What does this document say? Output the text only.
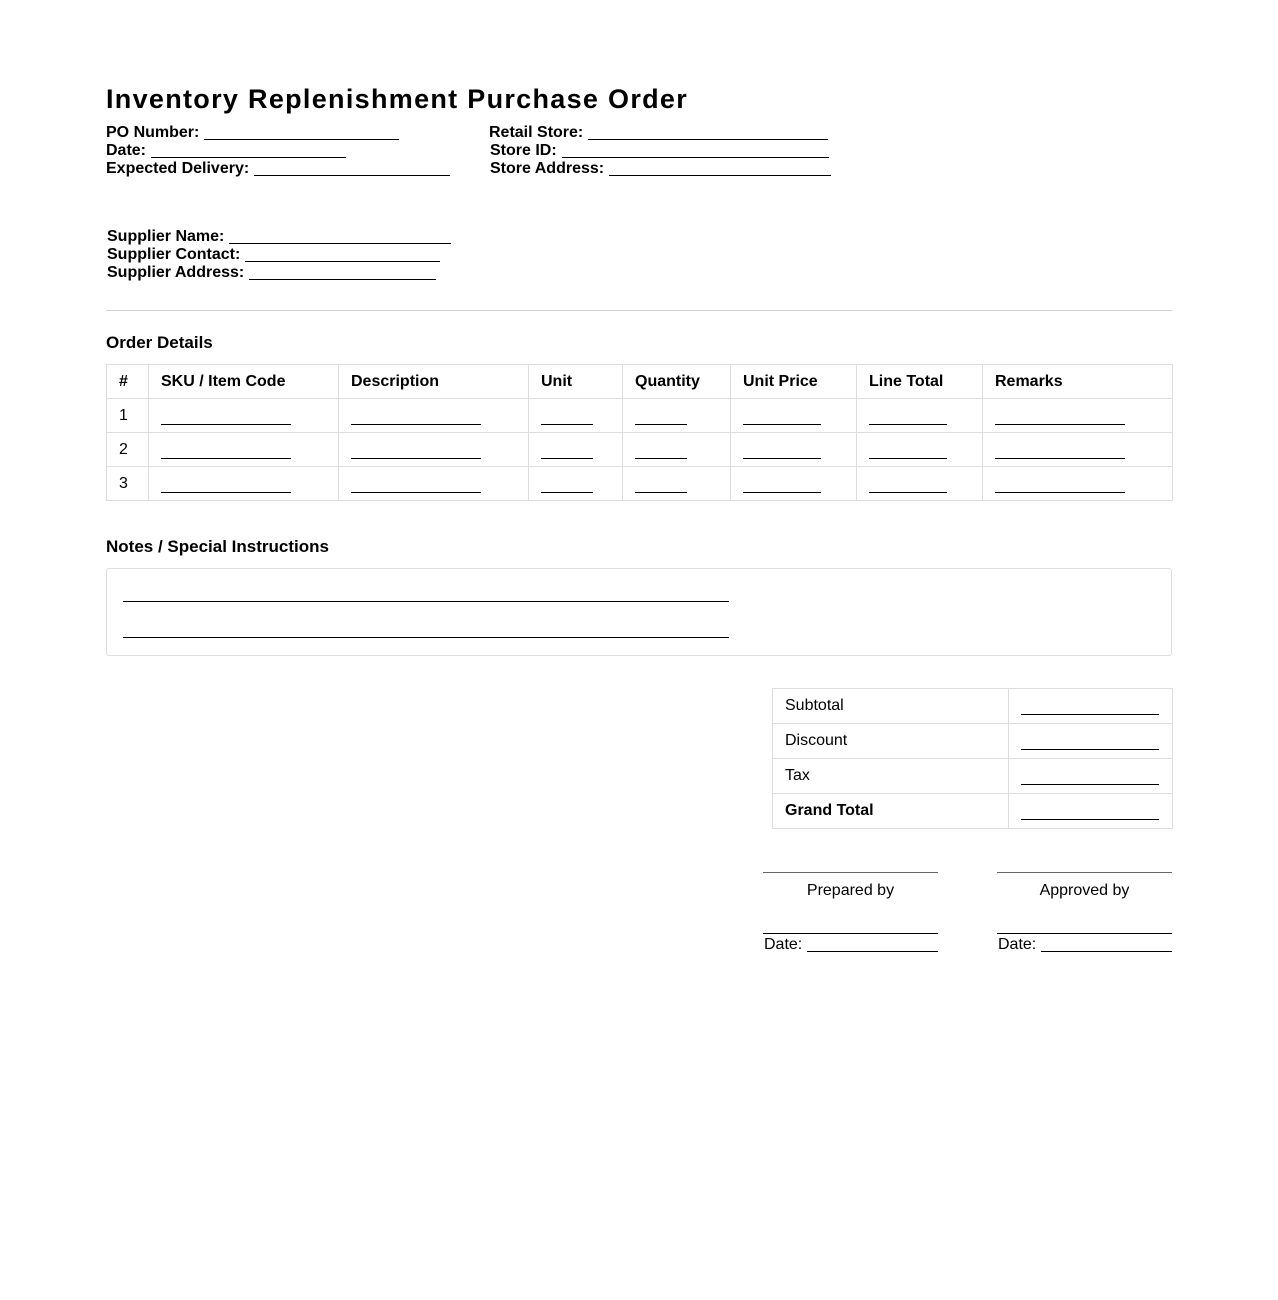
Inventory Replenishment Purchase Order
PO Number:
Date:
Expected Delivery:
Retail Store:
Store ID:
Store Address:
Supplier Name:
Supplier Contact:
Supplier Address:
Order Details
#	SKU / Item Code	Description	Unit	Quantity	Unit Price	Line Total	Remarks
1							
2							
3							
Notes / Special Instructions
Subtotal	
Discount	
Tax	
Grand Total	
Prepared by
Date:
Approved by
Date:
